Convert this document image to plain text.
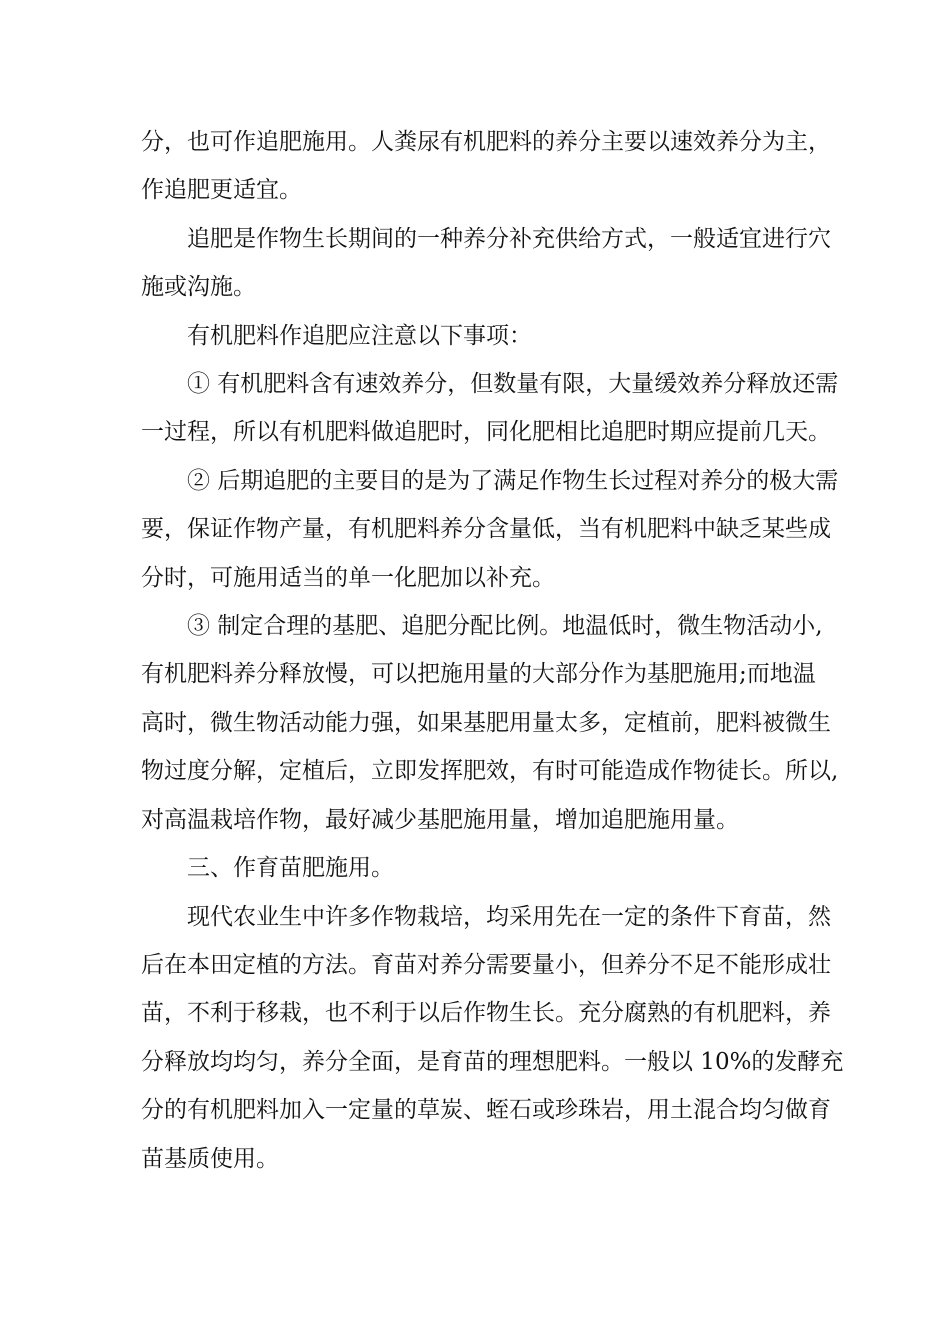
分，也可作追肥施用。人粪尿有机肥料的养分主要以速效养分为主，
作追肥更适宜。

追肥是作物生长期间的一种养分补充供给方式，一般适宜进行穴
施或沟施。

有机肥料作追肥应注意以下事项：

① 有机肥料含有速效养分，但数量有限，大量缓效养分释放还需
一过程，所以有机肥料做追肥时，同化肥相比追肥时期应提前几天。

② 后期追肥的主要目的是为了满足作物生长过程对养分的极大需
要，保证作物产量，有机肥料养分含量低，当有机肥料中缺乏某些成
分时，可施用适当的单一化肥加以补充。

③ 制定合理的基肥、追肥分配比例。地温低时，微生物活动小,
有机肥料养分释放慢，可以把施用量的大部分作为基肥施用;而地温
高时，微生物活动能力强，如果基肥用量太多，定植前，肥料被微生
物过度分解，定植后，立即发挥肥效，有时可能造成作物徒长。所以,
对高温栽培作物，最好减少基肥施用量，增加追肥施用量。

三、作育苗肥施用。

现代农业生中许多作物栽培，均采用先在一定的条件下育苗，然
后在本田定植的方法。育苗对养分需要量小，但养分不足不能形成壮
苗，不利于移栽，也不利于以后作物生长。充分腐熟的有机肥料，养
分释放均均匀，养分全面，是育苗的理想肥料。一般以 10%的发酵充
分的有机肥料加入一定量的草炭、蛭石或珍珠岩，用土混合均匀做育
苗基质使用。
